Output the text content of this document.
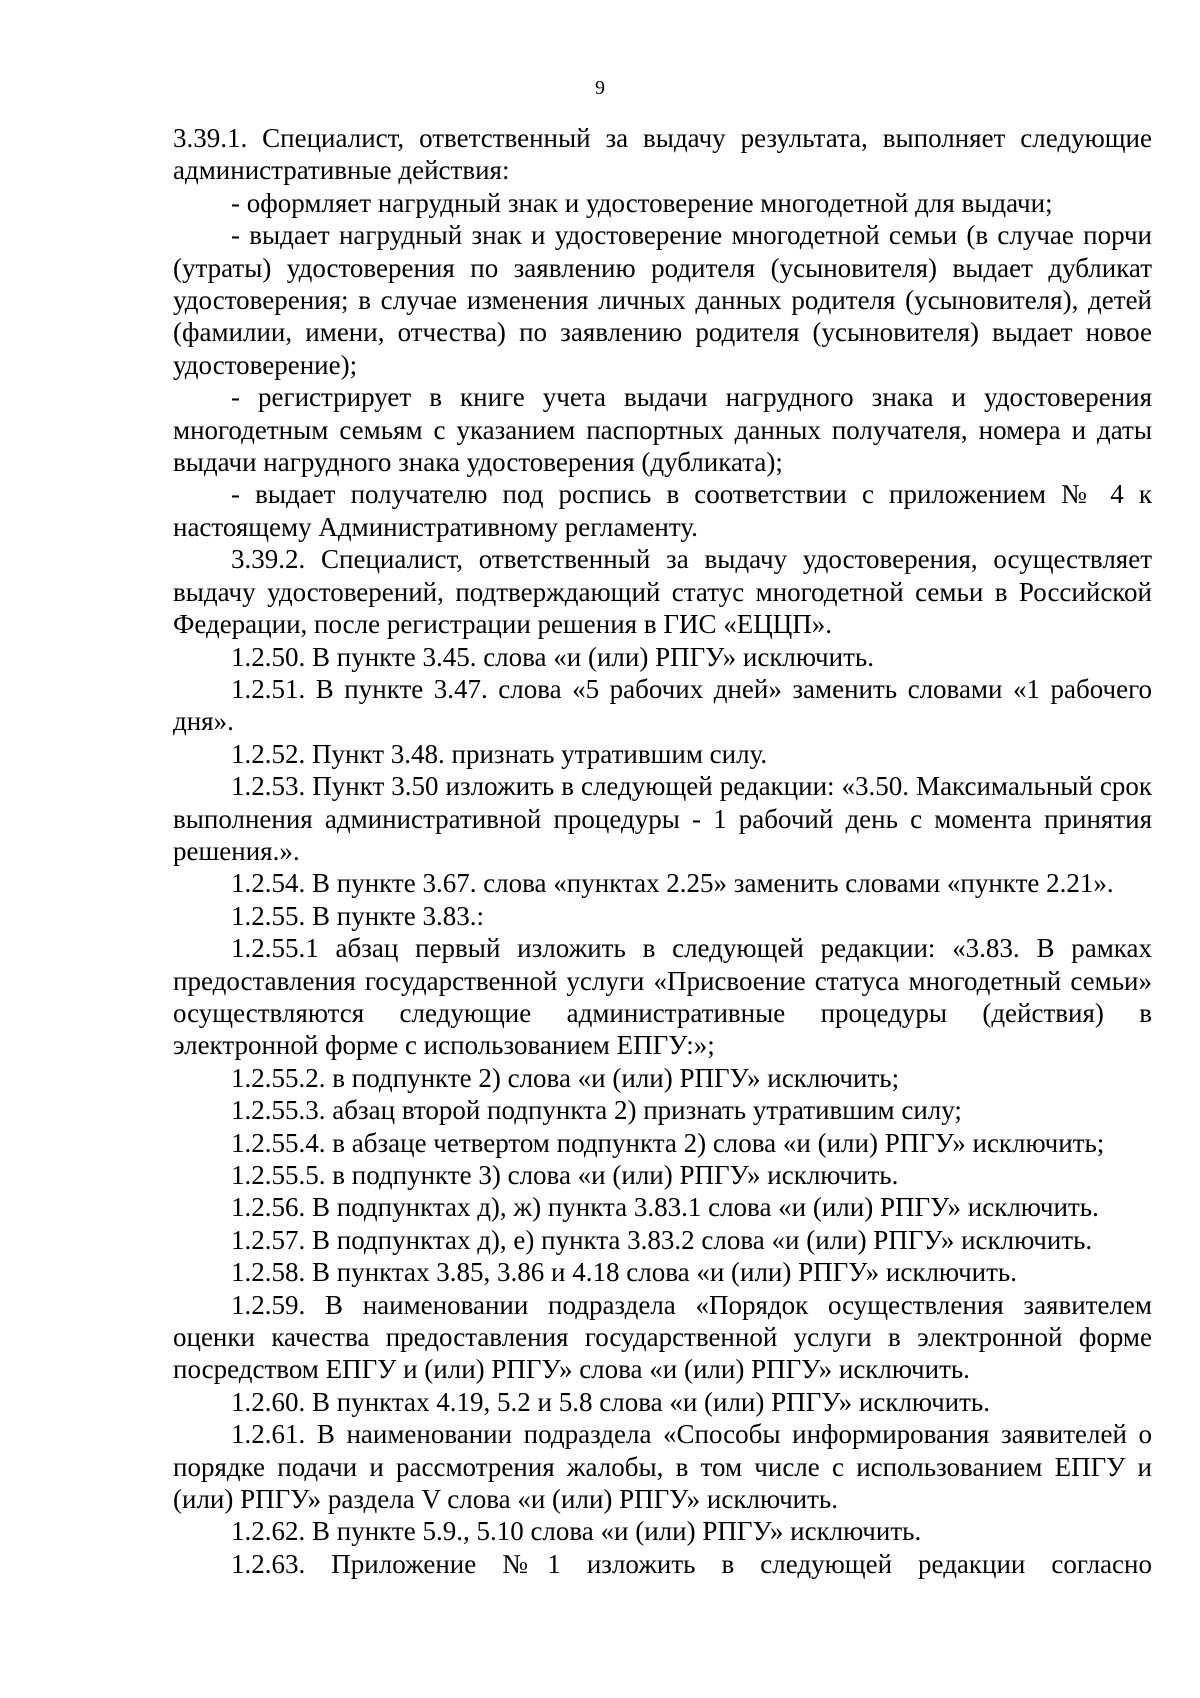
9

3.39.1. Специалист, ответственный за выдачу результата, выполняет следующие административные действия:

- оформляет нагрудный знак и удостоверение многодетной для выдачи;

- выдает нагрудный знак и удостоверение многодетной семьи (в случае порчи (утраты) удостоверения по заявлению родителя (усыновителя) выдает дубликат удостоверения; в случае изменения личных данных родителя (усыновителя), детей (фамилии, имени, отчества) по заявлению родителя (усыновителя) выдает новое удостоверение);

- регистрирует в книге учета выдачи нагрудного знака и удостоверения многодетным семьям с указанием паспортных данных получателя, номера и даты выдачи нагрудного знака удостоверения (дубликата);

- выдает получателю под роспись в соответствии с приложением № 4 к настоящему Административному регламенту.

3.39.2. Специалист, ответственный за выдачу удостоверения, осуществляет выдачу удостоверений, подтверждающий статус многодетной семьи в Российской Федерации, после регистрации решения в ГИС «ЕЦЦП».

1.2.50. В пункте 3.45. слова «и (или) РПГУ» исключить.

1.2.51. В пункте 3.47. слова «5 рабочих дней» заменить словами «1 рабочего дня».

1.2.52. Пункт 3.48. признать утратившим силу.

1.2.53. Пункт 3.50 изложить в следующей редакции: «3.50. Максимальный срок выполнения административной процедуры - 1 рабочий день с момента принятия решения.».

1.2.54. В пункте 3.67. слова «пунктах 2.25» заменить словами «пункте 2.21».

1.2.55. В пункте 3.83.:

1.2.55.1 абзац первый изложить в следующей редакции: «3.83. В рамках предоставления государственной услуги «Присвоение статуса многодетный семьи» осуществляются следующие административные процедуры (действия) в электронной форме с использованием ЕПГУ:»;

1.2.55.2. в подпункте 2) слова «и (или) РПГУ» исключить;

1.2.55.3. абзац второй подпункта 2) признать утратившим силу;

1.2.55.4. в абзаце четвертом подпункта 2) слова «и (или) РПГУ» исключить;

1.2.55.5. в подпункте 3) слова «и (или) РПГУ» исключить.

1.2.56. В подпунктах д), ж) пункта 3.83.1 слова «и (или) РПГУ» исключить.

1.2.57. В подпунктах д), е) пункта 3.83.2 слова «и (или) РПГУ» исключить.

1.2.58. В пунктах 3.85, 3.86 и 4.18 слова «и (или) РПГУ» исключить.

1.2.59. В наименовании подраздела «Порядок осуществления заявителем оценки качества предоставления государственной услуги в электронной форме посредством ЕПГУ и (или) РПГУ» слова «и (или) РПГУ» исключить.

1.2.60. В пунктах 4.19, 5.2 и 5.8 слова «и (или) РПГУ» исключить.

1.2.61. В наименовании подраздела «Способы информирования заявителей о порядке подачи и рассмотрения жалобы, в том числе с использованием ЕПГУ и (или) РПГУ» раздела V слова «и (или) РПГУ» исключить.

1.2.62. В пункте 5.9., 5.10 слова «и (или) РПГУ» исключить.

1.2.63. Приложение №1 изложить в следующей редакции согласно
